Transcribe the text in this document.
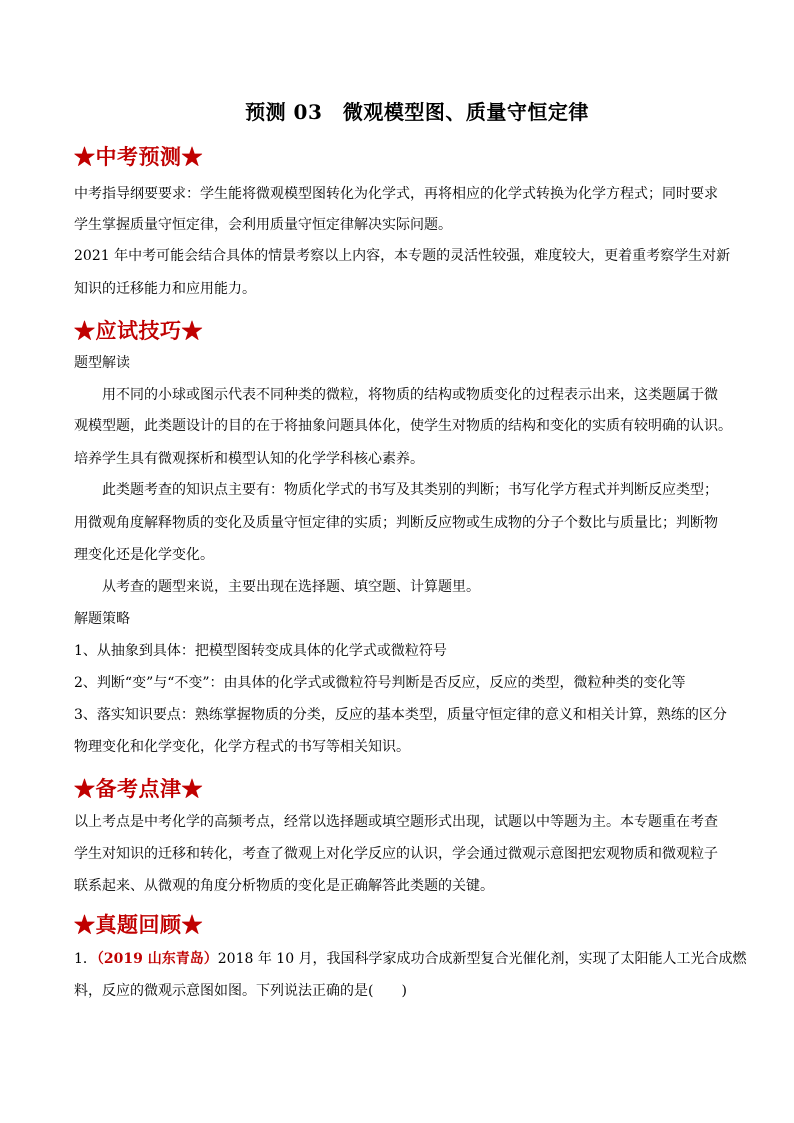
预测 03　微观模型图、质量守恒定律
★中考预测★
中考指导纲要要求：学生能将微观模型图转化为化学式，再将相应的化学式转换为化学方程式；同时要求
学生掌握质量守恒定律，会利用质量守恒定律解决实际问题。
2021 年中考可能会结合具体的情景考察以上内容，本专题的灵活性较强，难度较大，更着重考察学生对新
知识的迁移能力和应用能力。
★应试技巧★
题型解读
用不同的小球或图示代表不同种类的微粒，将物质的结构或物质变化的过程表示出来，这类题属于微
观模型题，此类题设计的目的在于将抽象问题具体化，使学生对物质的结构和变化的实质有较明确的认识。
培养学生具有微观探析和模型认知的化学学科核心素养。
此类题考查的知识点主要有：物质化学式的书写及其类别的判断；书写化学方程式并判断反应类型；
用微观角度解释物质的变化及质量守恒定律的实质；判断反应物或生成物的分子个数比与质量比；判断物
理变化还是化学变化。
从考查的题型来说，主要出现在选择题、填空题、计算题里。
解题策略
1、从抽象到具体：把模型图转变成具体的化学式或微粒符号
2、判断“变”与“不变”：由具体的化学式或微粒符号判断是否反应，反应的类型，微粒种类的变化等
3、落实知识要点：熟练掌握物质的分类，反应的基本类型，质量守恒定律的意义和相关计算，熟练的区分
物理变化和化学变化，化学方程式的书写等相关知识。
★备考点津★
以上考点是中考化学的高频考点，经常以选择题或填空题形式出现，试题以中等题为主。本专题重在考查
学生对知识的迁移和转化，考查了微观上对化学反应的认识，学会通过微观示意图把宏观物质和微观粒子
联系起来、从微观的角度分析物质的变化是正确解答此类题的关键。
★真题回顾★
1．（2019 山东青岛）2018 年 10 月，我国科学家成功合成新型复合光催化剂，实现了太阳能人工光合成燃
料，反应的微观示意图如图。下列说法正确的是(　　)
